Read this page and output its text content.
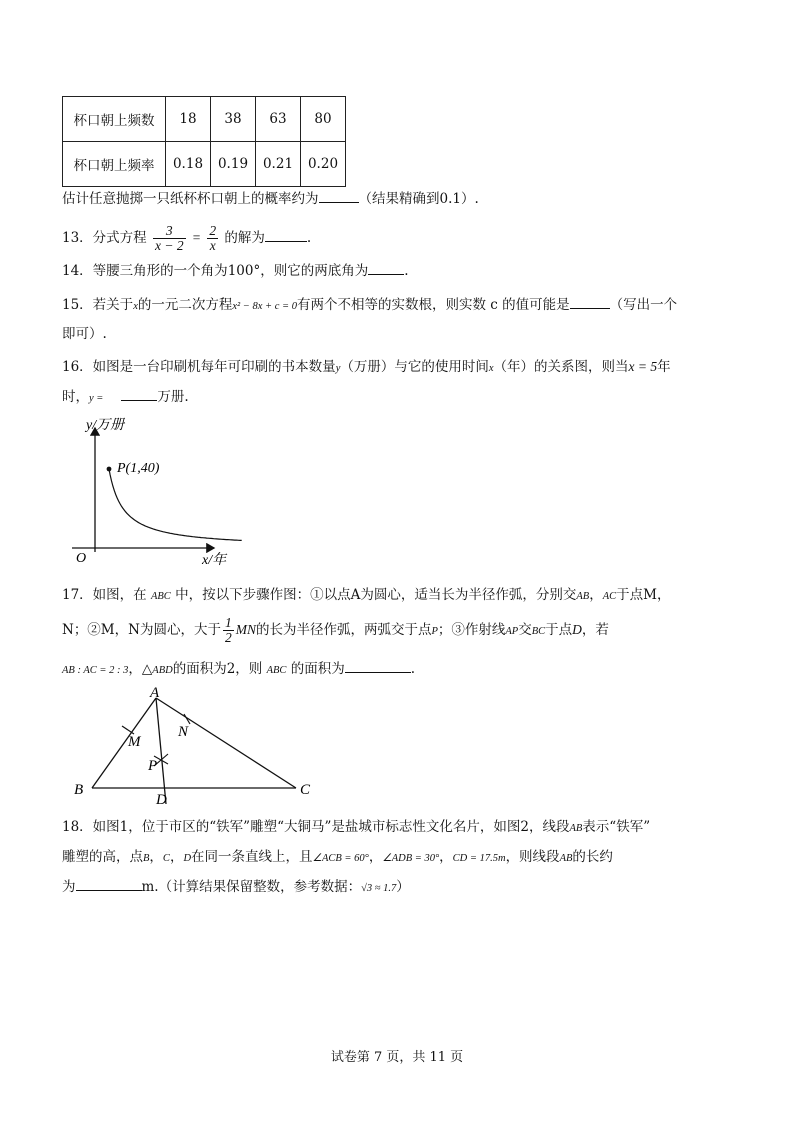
杯口朝上频数	18	38	63	80
杯口朝上频率	0.18	0.19	0.21	0.20
估计任意抛掷一只纸杯杯口朝上的概率约为	（结果精确到0.1）.
13．分式方程 $\frac{3}{x - 2} = \frac{2}{x}$ 的解为	.
14．等腰三角形的一个角为100°，则它的两底角为	.
15．若关于x的一元二次方程x² − 8x + c = 0有两个不相等的实数根，则实数 c 的值可能是	（写出一个
即可）.
16．如图是一台印刷机每年可印刷的书本数量y（万册）与它的使用时间x（年）的关系图，则当x = 5年
时，y =	万册.
y/万册
O	x/年
P(1,40)
17．如图，在 ABC 中，按以下步骤作图：①以点A为圆心，适当长为半径作弧，分别交AB，AC于点M，
N；②M，N为圆心，大于 $\frac{1}{2}$ MN的长为半径作弧，两弧交于点P；③作射线AP交BC于点D，若
AB : AC = 2 : 3，△ABD的面积为2，则 ABC 的面积为	.
A
B	C
D
M
N
P
18．如图1，位于市区的“铁军”雕塑“大铜马”是盐城市标志性文化名片，如图2，线段AB表示“铁军”
雕塑的高，点B，C，D在同一条直线上，且∠ACB = 60°，∠ADB = 30°，CD = 17.5m，则线段AB的长约
为	m.（计算结果保留整数，参考数据：√3 ≈ 1.7）
试卷第 7 页，共 11 页
